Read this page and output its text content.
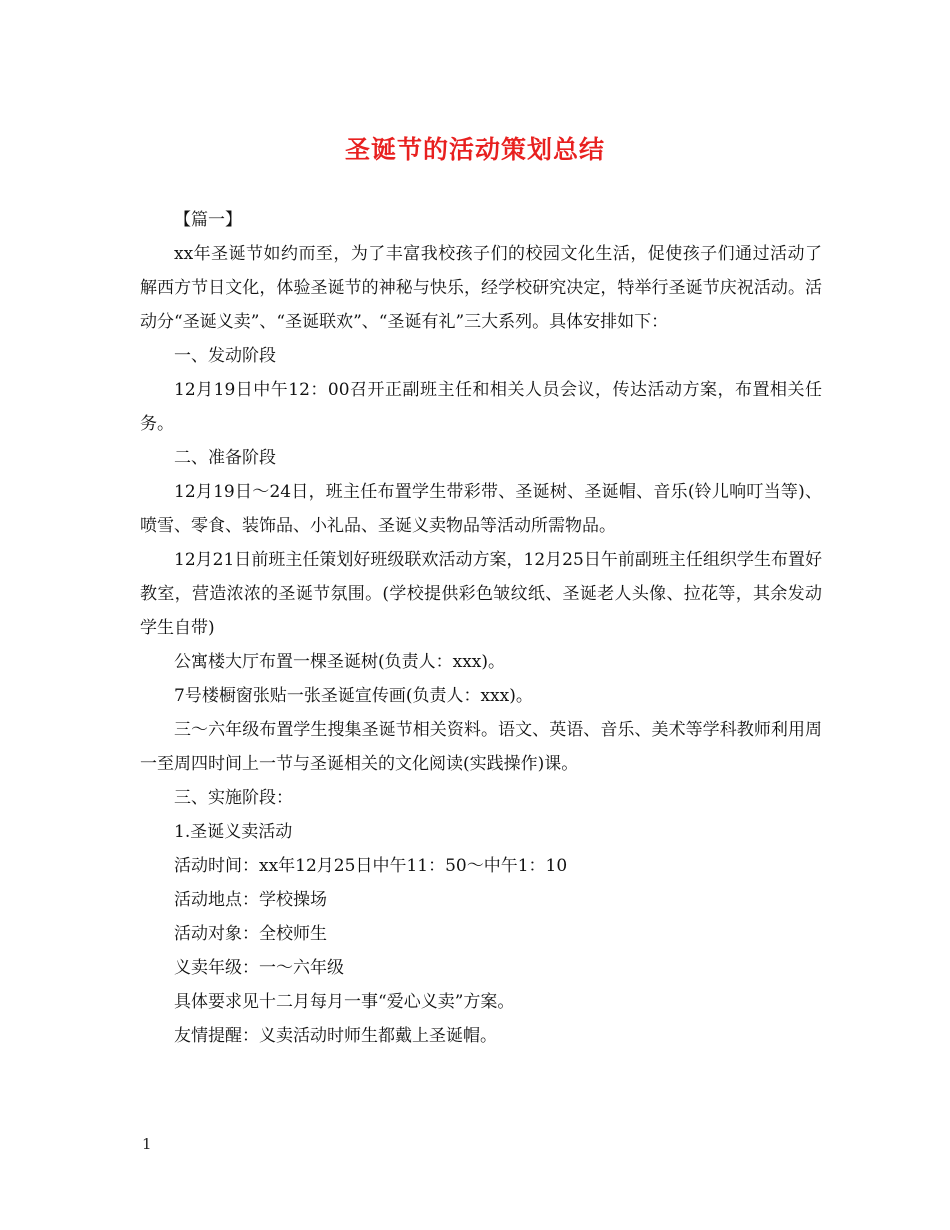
圣诞节的活动策划总结

【篇一】

xx年圣诞节如约而至，为了丰富我校孩子们的校园文化生活，促使孩子们通过活动了解西方节日文化，体验圣诞节的神秘与快乐，经学校研究决定，特举行圣诞节庆祝活动。活动分“圣诞义卖”、“圣诞联欢”、“圣诞有礼”三大系列。具体安排如下：

一、发动阶段

12月19日中午12：00召开正副班主任和相关人员会议，传达活动方案，布置相关任务。

二、准备阶段

12月19日～24日，班主任布置学生带彩带、圣诞树、圣诞帽、音乐(铃儿响叮当等)、喷雪、零食、装饰品、小礼品、圣诞义卖物品等活动所需物品。

12月21日前班主任策划好班级联欢活动方案，12月25日午前副班主任组织学生布置好教室，营造浓浓的圣诞节氛围。(学校提供彩色皱纹纸、圣诞老人头像、拉花等，其余发动学生自带)

公寓楼大厅布置一棵圣诞树(负责人：xxx)。

7号楼橱窗张贴一张圣诞宣传画(负责人：xxx)。

三～六年级布置学生搜集圣诞节相关资料。语文、英语、音乐、美术等学科教师利用周一至周四时间上一节与圣诞相关的文化阅读(实践操作)课。

三、实施阶段：

1.圣诞义卖活动

活动时间：xx年12月25日中午11：50～中午1：10

活动地点：学校操场

活动对象：全校师生

义卖年级：一～六年级

具体要求见十二月每月一事“爱心义卖”方案。

友情提醒：义卖活动时师生都戴上圣诞帽。

1
